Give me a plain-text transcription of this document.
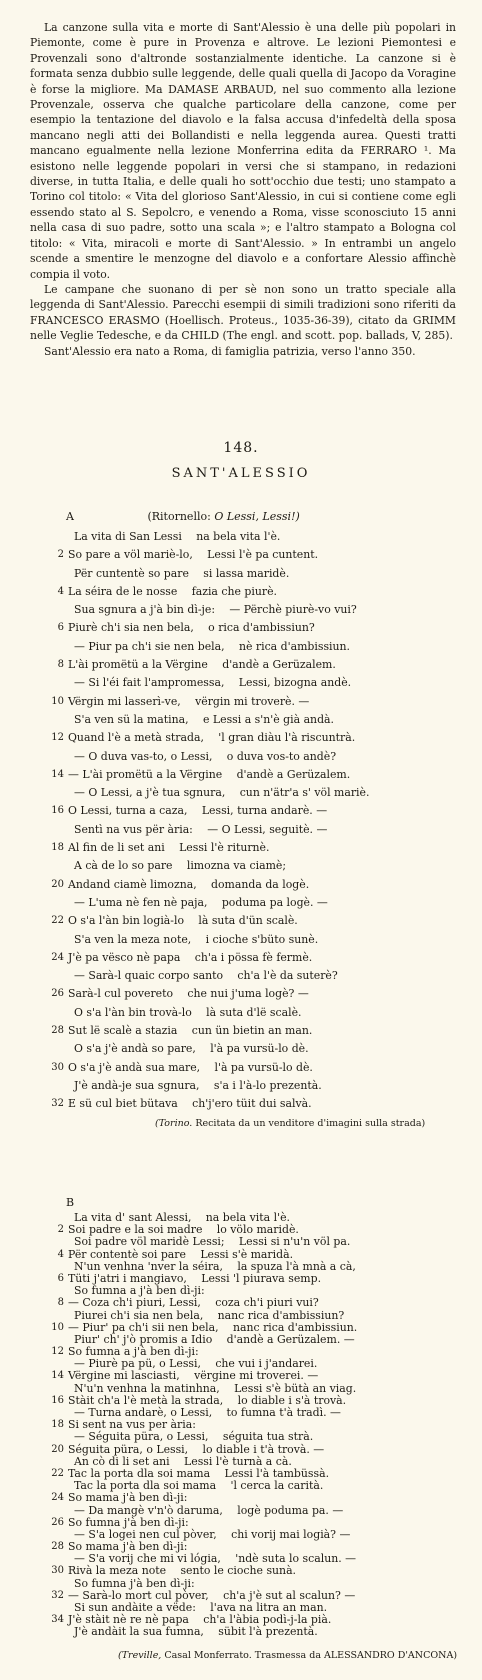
La canzone sulla vita e morte di Sant'Alessio è una delle più popolari in Piemonte, come è pure in Provenza e altrove. Le lezioni Piemontesi e Provenzali sono d'altronde sostanzialmente identiche. La canzone si è formata senza dubbio sulle leggende, delle quali quella di Jacopo da Voragine è forse la migliore. Ma DAMASE ARBAUD, nel suo commento alla lezione Provenzale, osserva che qualche particolare della canzone, come per esempio la tentazione del diavolo e la falsa accusa d'infedeltà della sposa mancano negli atti dei Bollandisti e nella leggenda aurea. Questi tratti mancano egualmente nella lezione Monferrina edita da FERRARO ¹. Ma esistono nelle leggende popolari in versi che si stampano, in redazioni diverse, in tutta Italia, e delle quali ho sott'occhio due testi; uno stampato a Torino col titolo: « Vita del glorioso Sant'Alessio, in cui si contiene come egli essendo stato al S. Sepolcro, e venendo a Roma, visse sconosciuto 15 anni nella casa di suo padre, sotto una scala »; e l'altro stampato a Bologna col titolo: « Vita, miracoli e morte di Sant'Alessio. » In entrambi un angelo scende a smentire le menzogne del diavolo e a confortare Alessio affinchè compia il voto.

Le campane che suonano di per sè non sono un tratto speciale alla leggenda di Sant'Alessio. Parecchi esempii di simili tradizioni sono riferiti da FRANCESCO ERASMO (Hoellisch. Proteus., 1035-36-39), citato da GRIMM nelle Veglie Tedesche, e da CHILD (The engl. and scott. pop. ballads, V, 285).

Sant'Alessio era nato a Roma, di famiglia patrizia, verso l'anno 350.

148.
SANT'ALESSIO
A	(Ritornello: O Lessi, Lessi!)
La vita di San Lessi  na bela vita l'è.
2 So pare a völ mariè-lo,  Lessi l'è pa cuntent.
Për cuntentè so pare  si lassa maridè.
4 La séira de le nosse  fazia che piurè.
Sua sgnura a j'à bin dì-je:  — Përchè piurè-vo vui?
6 Piurè ch'i sia nen bela,  o rica d'ambissiun?
— Piur pa ch'i sie nen bela,  nè rica d'ambissiun.
8 L'ài promëtü a la Vërgine  d'andè a Gerüzalem.
— Si l'éi fait l'ampromessa,  Lessi, bizogna andè.
10 Vërgin mi lasserì-ve,  vërgin mi troverè. —
S'a ven sü la matina,  e Lessi a s'n'è già andà.
12 Quand l'è a metà strada,  'l gran diàu l'à riscuntrà.
— O duva vas-to, o Lessi,  o duva vos-to andè?
14 — L'ài promëtü a la Vërgine  d'andè a Gerüzalem.
— O Lessi, a j'è tua sgnura,  cun n'ätr'a s' völ mariè.
16 O Lessi, turna a caza,  Lessi, turna andarè. —
Sentì na vus për ària:  — O Lessi, seguitè. —
18 Al fin de li set ani  Lessi l'è riturnè.
A cà de lo so pare  limozna va ciamè;
20 Andand ciamè limozna,  domanda da logè.
— L'uma nè fen nè paja,  poduma pa logè. —
22 O s'a l'àn bin logià-lo  là suta d'ün scalè.
S'a ven la meza note,  i cioche s'büto sunè.
24 J'è pa vësco nè papa  ch'a i pössa fè fermè.
— Sarà-l quaic corpo santo  ch'a l'è da suterè?
26 Sarà-l cul povereto  che nui j'uma logè? —
O s'a l'àn bin trovà-lo  là suta d'lë scalè.
28 Sut lë scalè a stazia  cun ün bietin an man.
O s'a j'è andà so pare,  l'à pa vursü-lo dè.
30 O s'a j'è andà sua mare,  l'à pa vursü-lo dè.
J'è andà-je sua sgnura,  s'a i l'à-lo prezentà.
32 E sü cul biet bütava  ch'j'ero tüit dui salvà.
(Torino. Recitata da un venditore d'imagini sulla strada)
B
La vita d' sant Alessi,  na bela vita l'è.
2 Soi padre e la soi madre  lo völo maridè.
Soi padre völ maridè Lessi;  Lessi si n'u'n völ pa.
4 Për contentè soi pare  Lessi s'è maridà.
N'un venhna 'nver la séira,  la spuza l'à mnà a cà,
6 Tüti j'atri i mangiavo,  Lessi 'l piurava semp.
So fumna a j'à ben dì-ji: 
8 — Coza ch'i piuri, Lessi,  coza ch'i piuri vui?
Piurei ch'i sia nen bela,  nanc rica d'ambissiun?
10 — Piur' pa ch'i sii nen bela,  nanc rica d'ambissiun.
Piur' ch' j'ò promis a Idio  d'andè a Gerüzalem. —
12 So fumna a j'à ben dì-ji: 
— Piurè pa pü, o Lessi,  che vui i j'andarei.
14 Vërgine mi lasciasti,  vërgine mi troverei. —
N'u'n venhna la matinhna,  Lessi s'è bütà an viag.
16 Stàit ch'a l'è metà la strada,  lo diable i s'à trovà.
— Turna andarè, o Lessi,  to fumna t'à tradì. —
18 Si sent na vus per ària: 
— Séguita püra, o Lessi,  séguita tua strà.
20 Séguita püra, o Lessi,  lo diable i t'à trovà. —
An cò di li set ani  Lessi l'è turnà a cà.
22 Tac la porta dla soi mama  Lessi l'à tambüssà.
Tac la porta dla soi mama  'l cerca la carità.
24 So mama j'à ben dì-ji: 
— Da mangè v'n'ò daruma,  logè poduma pa. —
26 So fumna j'à ben dì-ji: 
— S'a logei nen cul pòver,  chi vorij mai logià? —
28 So mama j'à ben dì-ji: 
— S'a vorij che mi vi lógia,  'ndè suta lo scalun. —
30 Rivà la meza note  sento le cioche sunà.
So fumna j'à ben dì-ji: 
32 — Sarà-lo mort cul pòver,  ch'a j'è sut al scalun? —
Si sun andàite a vëde:  l'ava na litra an man.
34 J'è stàit nè re nè papa  ch'a l'àbia podì-j-la pià.
J'è andàit la sua fumna,  sübit l'à prezentà.
(Treville, Casal Monferrato. Trasmessa da ALESSANDRO D'ANCONA)
